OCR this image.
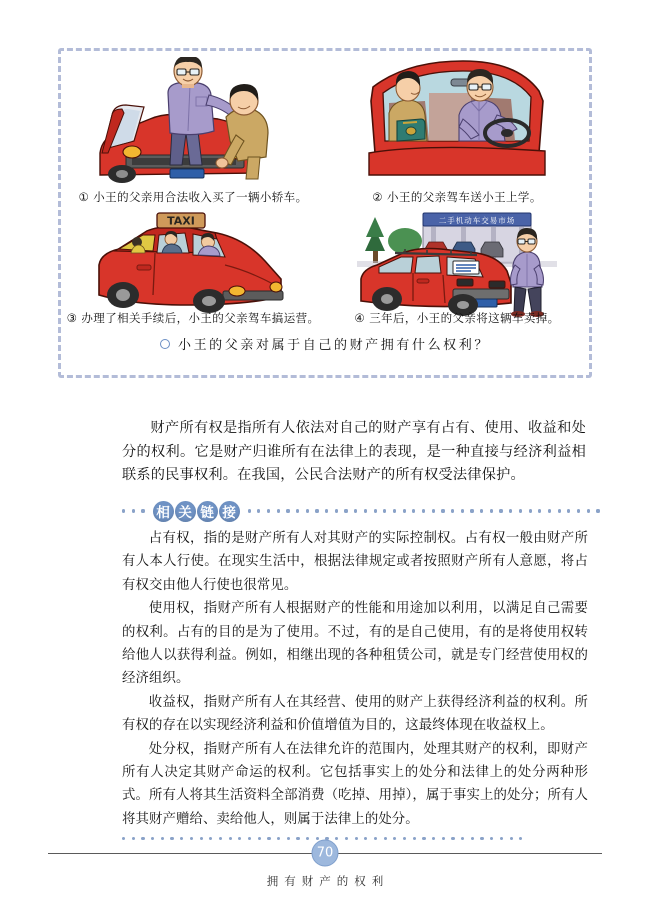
① 小王的父亲用合法收入买了一辆小轿车。	② 小王的父亲驾车送小王上学。
TAXI	二手机动车交易市场
③ 办理了相关手续后，小王的父亲驾车搞运营。	④ 三年后，小王的父亲将这辆车卖掉。
小王的父亲对属于自己的财产拥有什么权利？

财产所有权是指所有人依法对自己的财产享有占有、使用、收益和处分的权利。它是财产归谁所有在法律上的表现，是一种直接与经济利益相联系的民事权利。在我国，公民合法财产的所有权受法律保护。

相 关 链 接

占有权，指的是财产所有人对其财产的实际控制权。占有权一般由财产所有人本人行使。在现实生活中，根据法律规定或者按照财产所有人意愿，将占有权交由他人行使也很常见。

使用权，指财产所有人根据财产的性能和用途加以利用，以满足自己需要的权利。占有的目的是为了使用。不过，有的是自己使用，有的是将使用权转给他人以获得利益。例如，相继出现的各种租赁公司，就是专门经营使用权的经济组织。

收益权，指财产所有人在其经营、使用的财产上获得经济利益的权利。所有权的存在以实现经济利益和价值增值为目的，这最终体现在收益权上。

处分权，指财产所有人在法律允许的范围内，处理其财产的权利，即财产所有人决定其财产命运的权利。它包括事实上的处分和法律上的处分两种形式。所有人将其生活资料全部消费（吃掉、用掉），属于事实上的处分；所有人将其财产赠给、卖给他人，则属于法律上的处分。

70
拥有财产的权利
